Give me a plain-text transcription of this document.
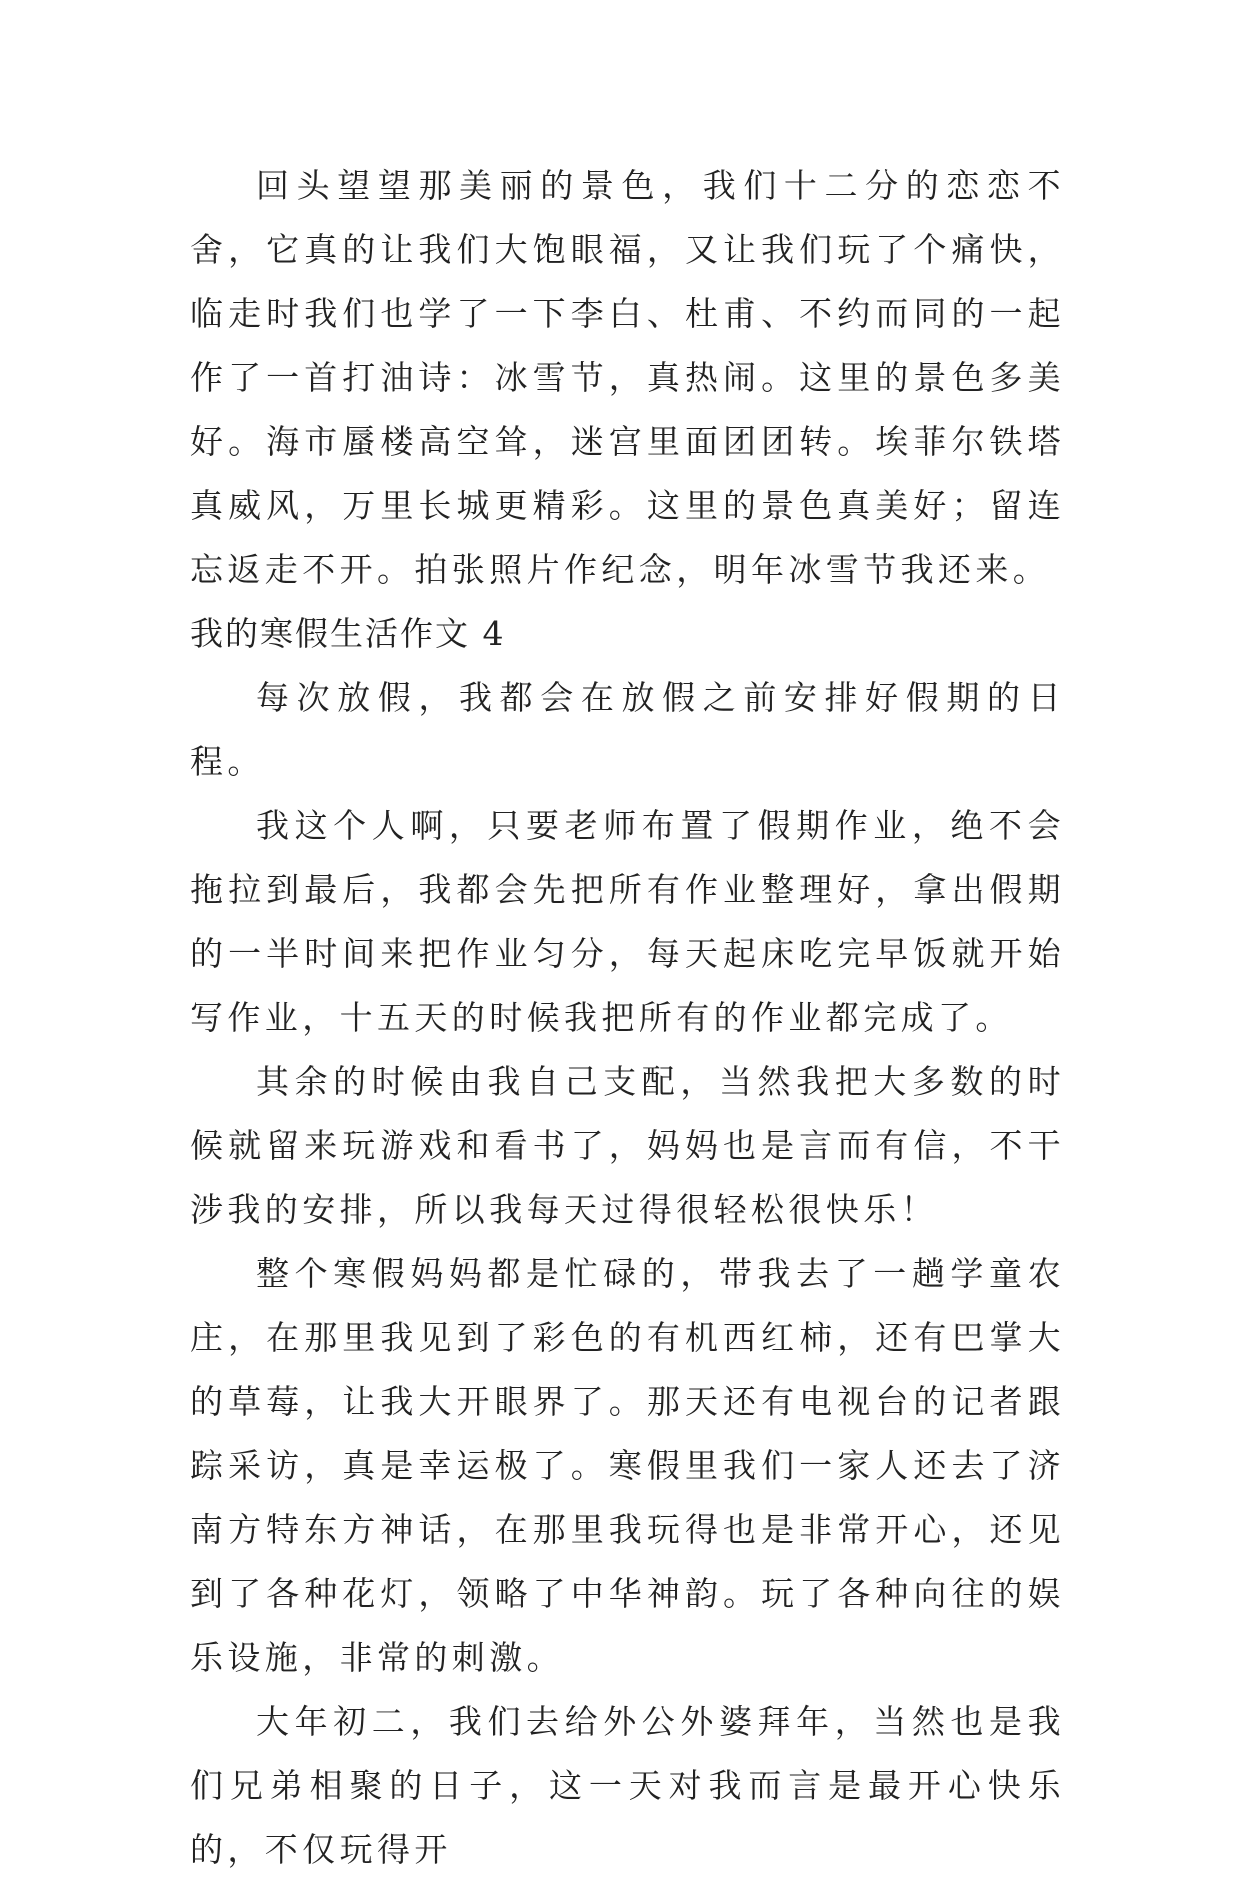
回头望望那美丽的景色，我们十二分的恋恋不舍，它真的让我们大饱眼福，又让我们玩了个痛快，临走时我们也学了一下李白、杜甫、不约而同的一起作了一首打油诗：冰雪节，真热闹。这里的景色多美好。海市蜃楼高空耸，迷宫里面团团转。埃菲尔铁塔真威风，万里长城更精彩。这里的景色真美好；留连忘返走不开。拍张照片作纪念，明年冰雪节我还来。

我的寒假生活作文 4

每次放假，我都会在放假之前安排好假期的日程。

我这个人啊，只要老师布置了假期作业，绝不会拖拉到最后，我都会先把所有作业整理好，拿出假期的一半时间来把作业匀分，每天起床吃完早饭就开始写作业，十五天的时候我把所有的作业都完成了。

其余的时候由我自己支配，当然我把大多数的时候就留来玩游戏和看书了，妈妈也是言而有信，不干涉我的安排，所以我每天过得很轻松很快乐！

整个寒假妈妈都是忙碌的，带我去了一趟学童农庄，在那里我见到了彩色的有机西红柿，还有巴掌大的草莓，让我大开眼界了。那天还有电视台的记者跟踪采访，真是幸运极了。寒假里我们一家人还去了济南方特东方神话，在那里我玩得也是非常开心，还见到了各种花灯，领略了中华神韵。玩了各种向往的娱乐设施，非常的刺激。

大年初二，我们去给外公外婆拜年，当然也是我们兄弟相聚的日子，这一天对我而言是最开心快乐的，不仅玩得开
